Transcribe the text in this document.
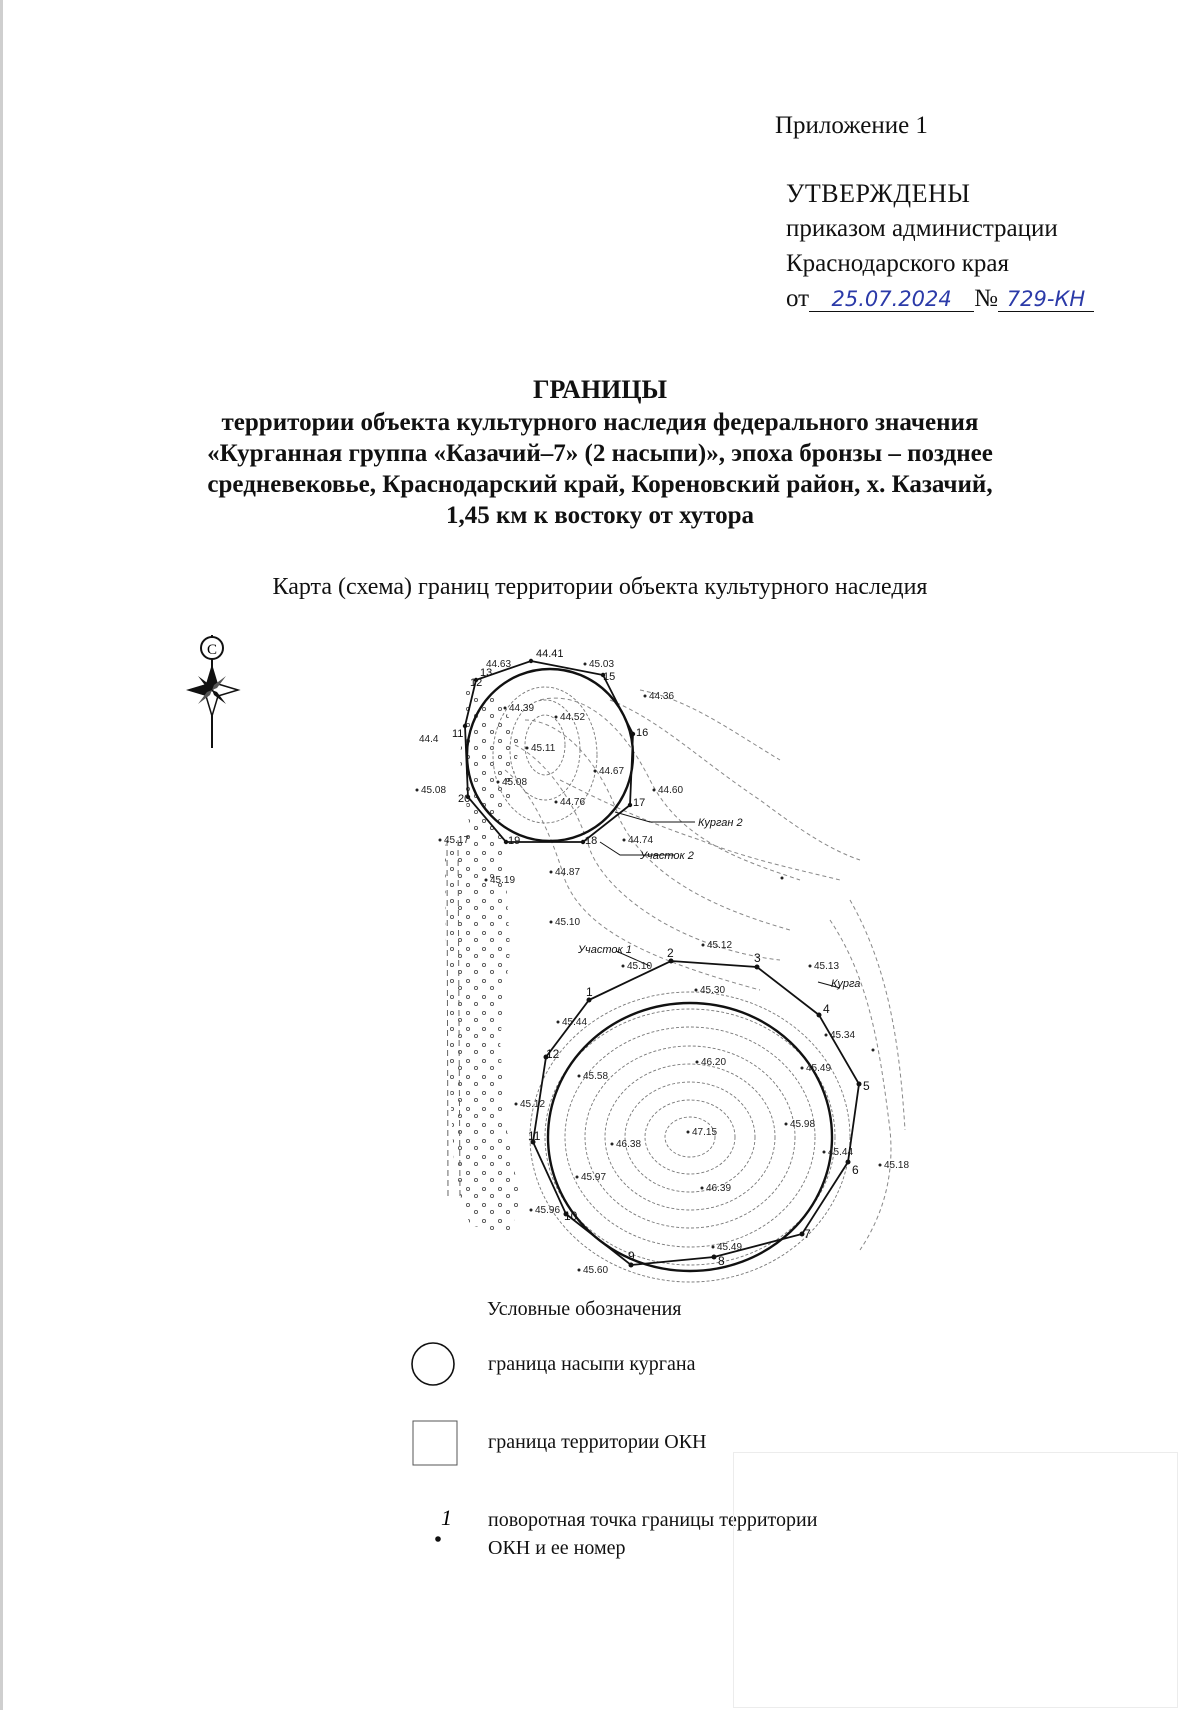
Приложение 1
УТВЕРЖДЕНЫ
приказом администрации
Краснодарского края
от 25.07.2024 № 729-КН
ГРАНИЦЫ
территории объекта культурного наследия федерального значения
«Курганная группа «Казачий–7» (2 насыпи)», эпоха бронзы – позднее
средневековье, Краснодарский край, Кореновский район, х. Казачий,
1,45 км к востоку от хутора
Карта (схема) границ территории объекта культурного наследия
С
1
2	3
4
5
6
7
8
9
10
11
12
15
16
17
18
19
20
11
12
13
44.41
Курган 2
Участок 2
Участок 1
Курга
45.03
44.36
44.39
44.52
45.11
45.08
44.67
44.60
44.76
44.74
44.87
45.08
45.17
45.19
45.10
45.12
45.10	45.13
45.30
45.34
45.44
46.20
45.49
45.58
45.12
46.38
47.15
45.98
45.44
45.18
45.97
46.39
45.96
45.49
45.60
44.63
44.4
1
Условные обозначения
граница насыпи кургана
граница территории ОКН
поворотная точка границы территории
ОКН и ее номер
